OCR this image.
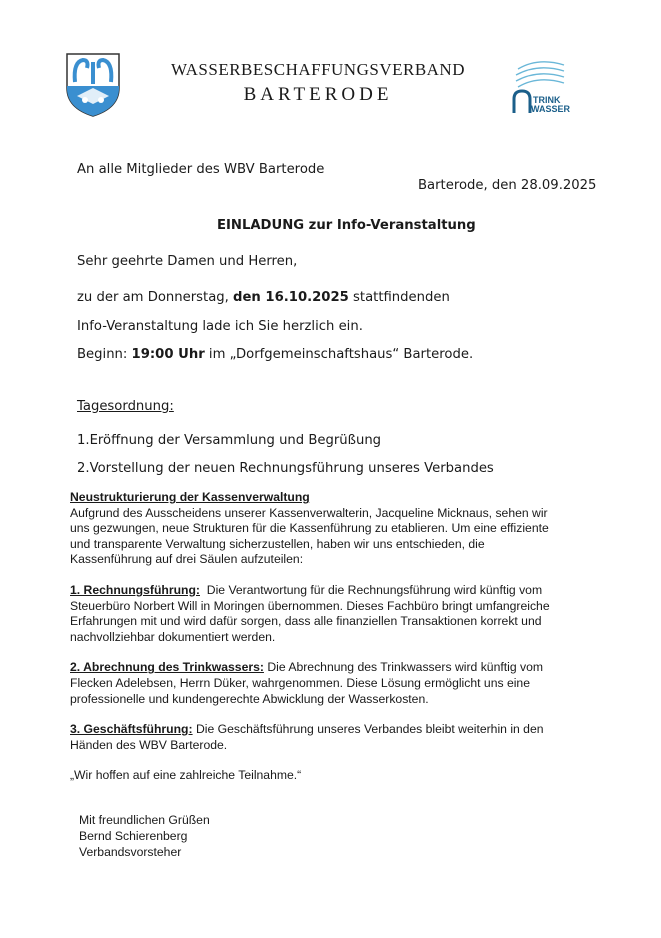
WASSERBESCHAFFUNGSVERBAND
BARTERODE	TRINK
WASSER
An alle Mitglieder des WBV Barterode
Barterode, den 28.09.2025
EINLADUNG zur Info-Veranstaltung
Sehr geehrte Damen und Herren,
zu der am Donnerstag, den 16.10.2025 stattfindenden
Info-Veranstaltung lade ich Sie herzlich ein.
Beginn: 19:00 Uhr im „Dorfgemeinschaftshaus“ Barterode.
Tagesordnung:
1.Eröffnung der Versammlung und Begrüßung
2.Vorstellung der neuen Rechnungsführung unseres Verbandes

Neustrukturierung der Kassenverwaltung

Aufgrund des Ausscheidens unserer Kassenverwalterin, Jacqueline Micknaus, sehen wir

uns gezwungen, neue Strukturen für die Kassenführung zu etablieren. Um eine effiziente

und transparente Verwaltung sicherzustellen, haben wir uns entschieden, die

Kassenführung auf drei Säulen aufzuteilen:

1. Rechnungsführung:  Die Verantwortung für die Rechnungsführung wird künftig vom

Steuerbüro Norbert Will in Moringen übernommen. Dieses Fachbüro bringt umfangreiche

Erfahrungen mit und wird dafür sorgen, dass alle finanziellen Transaktionen korrekt und

nachvollziehbar dokumentiert werden.

2. Abrechnung des Trinkwassers: Die Abrechnung des Trinkwassers wird künftig vom

Flecken Adelebsen, Herrn Düker, wahrgenommen. Diese Lösung ermöglicht uns eine

professionelle und kundengerechte Abwicklung der Wasserkosten.

3. Geschäftsführung: Die Geschäftsführung unseres Verbandes bleibt weiterhin in den

Händen des WBV Barterode.

„Wir hoffen auf eine zahlreiche Teilnahme.“

Mit freundlichen Grüßen

Bernd Schierenberg

Verbandsvorsteher
